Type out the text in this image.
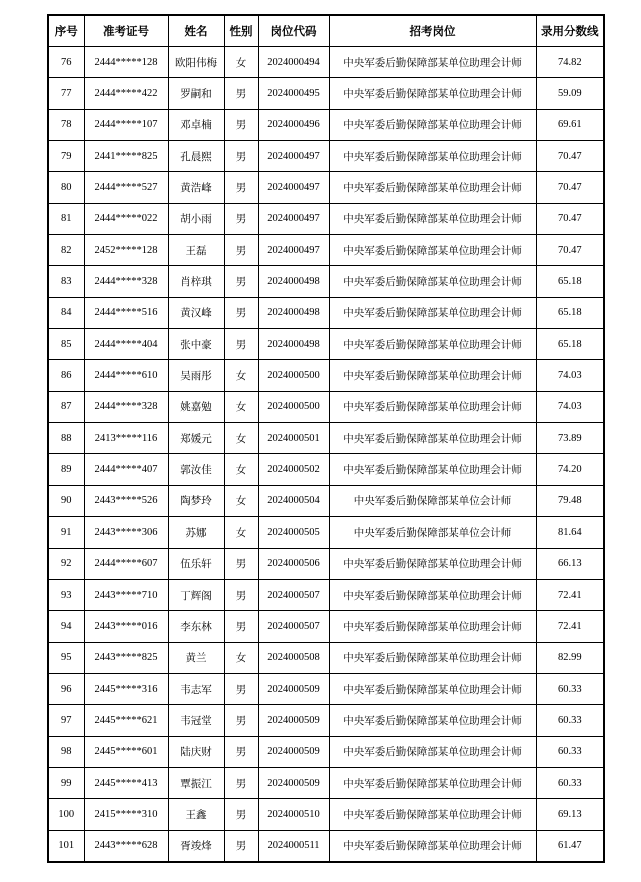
序号	准考证号	姓名	性别	岗位代码	招考岗位	录用分数线
76	2444*****128	欧阳伟梅	女	2024000494	中央军委后勤保障部某单位助理会计师	74.82
77	2444*****422	罗嗣和	男	2024000495	中央军委后勤保障部某单位助理会计师	59.09
78	2444*****107	邓卓楠	男	2024000496	中央军委后勤保障部某单位助理会计师	69.61
79	2441*****825	孔晨熙	男	2024000497	中央军委后勤保障部某单位助理会计师	70.47
80	2444*****527	黄浩峰	男	2024000497	中央军委后勤保障部某单位助理会计师	70.47
81	2444*****022	胡小雨	男	2024000497	中央军委后勤保障部某单位助理会计师	70.47
82	2452*****128	王磊	男	2024000497	中央军委后勤保障部某单位助理会计师	70.47
83	2444*****328	肖梓琪	男	2024000498	中央军委后勤保障部某单位助理会计师	65.18
84	2444*****516	黄汉峰	男	2024000498	中央军委后勤保障部某单位助理会计师	65.18
85	2444*****404	张中豪	男	2024000498	中央军委后勤保障部某单位助理会计师	65.18
86	2444*****610	吴雨彤	女	2024000500	中央军委后勤保障部某单位助理会计师	74.03
87	2444*****328	姚嘉勉	女	2024000500	中央军委后勤保障部某单位助理会计师	74.03
88	2413*****116	郑媛元	女	2024000501	中央军委后勤保障部某单位助理会计师	73.89
89	2444*****407	郭汝佳	女	2024000502	中央军委后勤保障部某单位助理会计师	74.20
90	2443*****526	陶梦玲	女	2024000504	中央军委后勤保障部某单位会计师	79.48
91	2443*****306	苏娜	女	2024000505	中央军委后勤保障部某单位会计师	81.64
92	2444*****607	伍乐轩	男	2024000506	中央军委后勤保障部某单位助理会计师	66.13
93	2443*****710	丁辉阁	男	2024000507	中央军委后勤保障部某单位助理会计师	72.41
94	2443*****016	李东林	男	2024000507	中央军委后勤保障部某单位助理会计师	72.41
95	2443*****825	黄兰	女	2024000508	中央军委后勤保障部某单位助理会计师	82.99
96	2445*****316	韦志军	男	2024000509	中央军委后勤保障部某单位助理会计师	60.33
97	2445*****621	韦冠堂	男	2024000509	中央军委后勤保障部某单位助理会计师	60.33
98	2445*****601	陆庆财	男	2024000509	中央军委后勤保障部某单位助理会计师	60.33
99	2445*****413	覃振江	男	2024000509	中央军委后勤保障部某单位助理会计师	60.33
100	2415*****310	王鑫	男	2024000510	中央军委后勤保障部某单位助理会计师	69.13
101	2443*****628	胥竣烽	男	2024000511	中央军委后勤保障部某单位助理会计师	61.47
